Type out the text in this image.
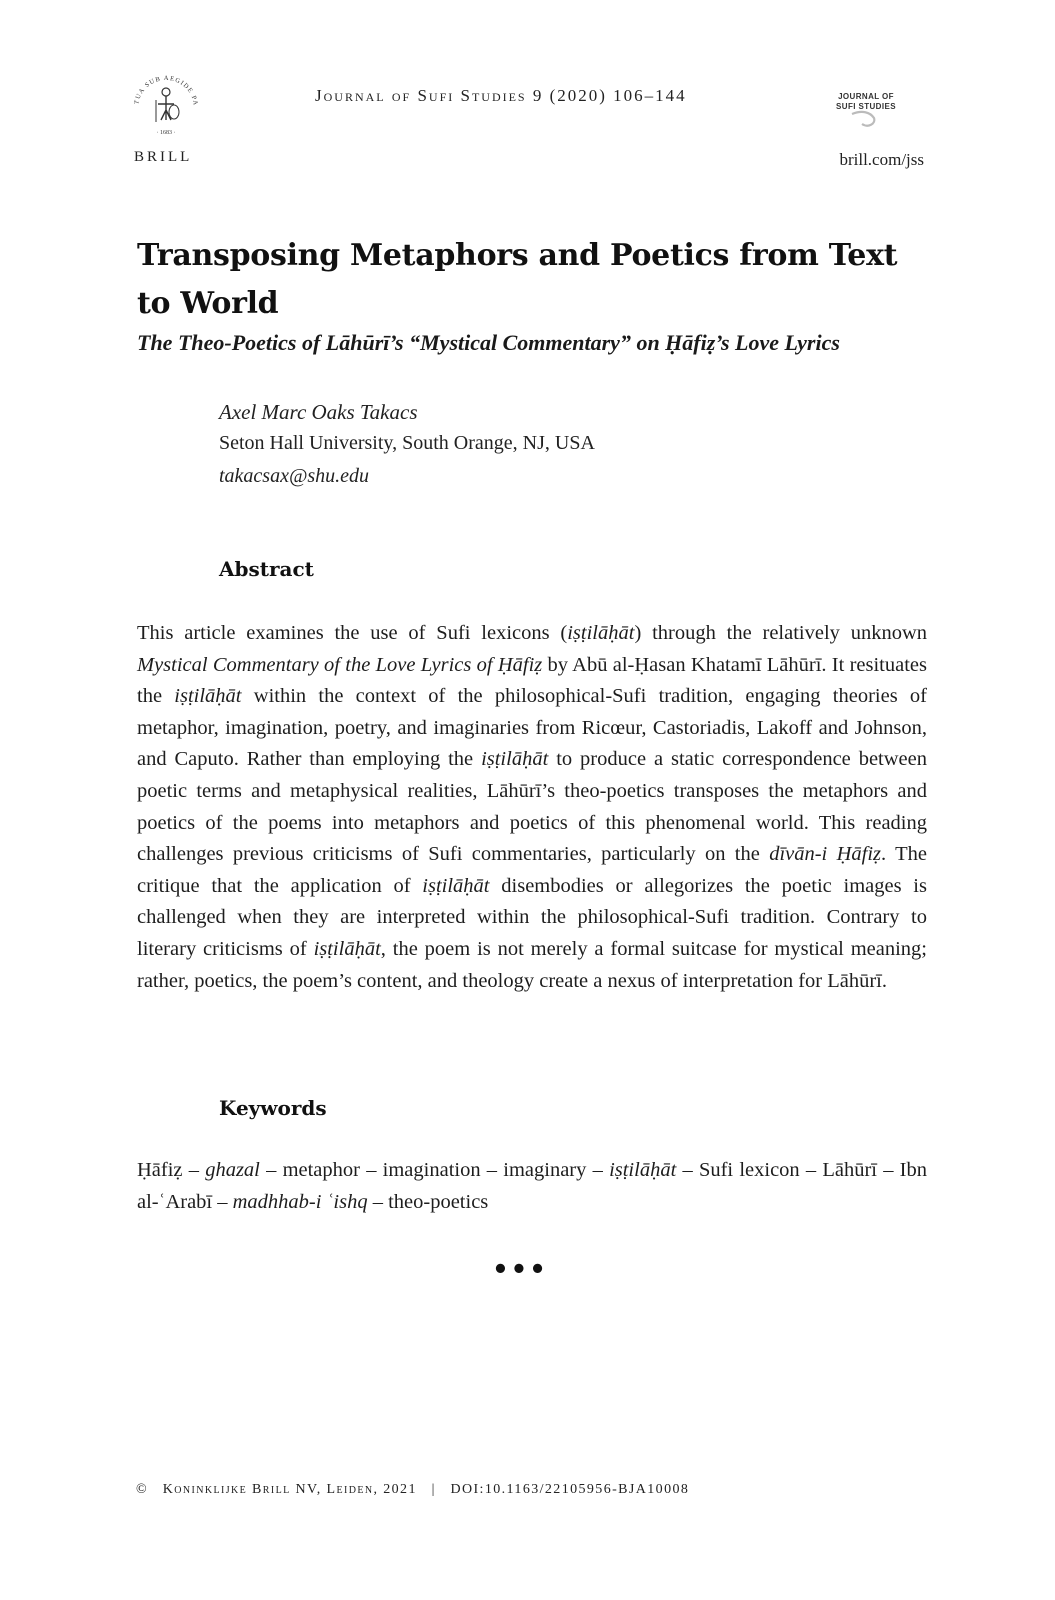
TUA SUB AEGIDE PA
· 1683 ·
BRILL
Journal of Sufi Studies 9 (2020) 106–144	JOURNAL OF
SUFI STUDIES
brill.com/jss
Transposing Metaphors and Poetics from Text to World
The Theo-Poetics of Lāhūrī’s “Mystical Commentary” on Ḥāfiẓ’s Love Lyrics
Axel Marc Oaks Takacs
Seton Hall University, South Orange, NJ, USA
takacsax@shu.edu
Abstract
This article examines the use of Sufi lexicons (iṣṭilāḥāt) through the relatively unknown Mystical Commentary of the Love Lyrics of Ḥāfiẓ by Abū al-Ḥasan Khatamī Lāhūrī. It resituates the iṣṭilāḥāt within the context of the philosophical-Sufi tradition, engaging theories of metaphor, imagination, poetry, and imaginaries from Ricœur, Castoriadis, Lakoff and Johnson, and Caputo. Rather than employing the iṣṭilāḥāt to produce a static correspondence between poetic terms and metaphysical realities, Lāhūrī’s theo-poetics transposes the metaphors and poetics of the poems into metaphors and poetics of this phenomenal world. This reading challenges previous criticisms of Sufi commentaries, particularly on the dīvān-i Ḥāfiẓ. The critique that the application of iṣṭilāḥāt disembodies or allegorizes the poetic images is challenged when they are interpreted within the philosophical-Sufi tradition. Contrary to literary criticisms of iṣṭilāḥāt, the poem is not merely a formal suitcase for mystical meaning; rather, poetics, the poem’s content, and theology create a nexus of interpretation for Lāhūrī.
Keywords
Ḥāfiẓ – ghazal – metaphor – imagination – imaginary – iṣṭilāḥāt – Sufi lexicon – Lāhūrī – Ibn al-ʿArabī – madhhab-i ʿishq – theo-poetics
•••
© Koninklijke Brill NV, Leiden, 2021 | DOI:10.1163/22105956-BJA10008
